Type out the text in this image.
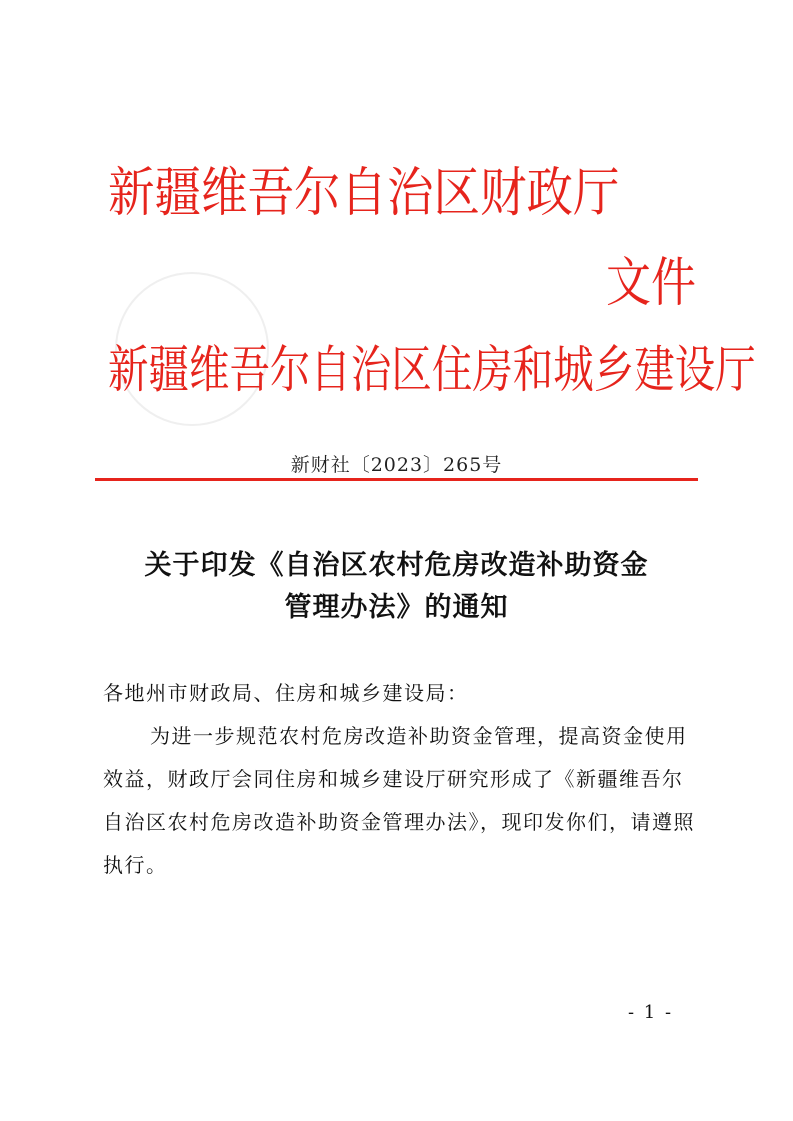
新疆维吾尔自治区财政厅
文件
新疆维吾尔自治区住房和城乡建设厅
新财社〔2023〕265号
关于印发《自治区农村危房改造补助资金
管理办法》的通知
各地州市财政局、住房和城乡建设局：
为进一步规范农村危房改造补助资金管理，提高资金使用
效益，财政厅会同住房和城乡建设厅研究形成了《新疆维吾尔
自治区农村危房改造补助资金管理办法》，现印发你们，请遵照
执行。
- 1 -
